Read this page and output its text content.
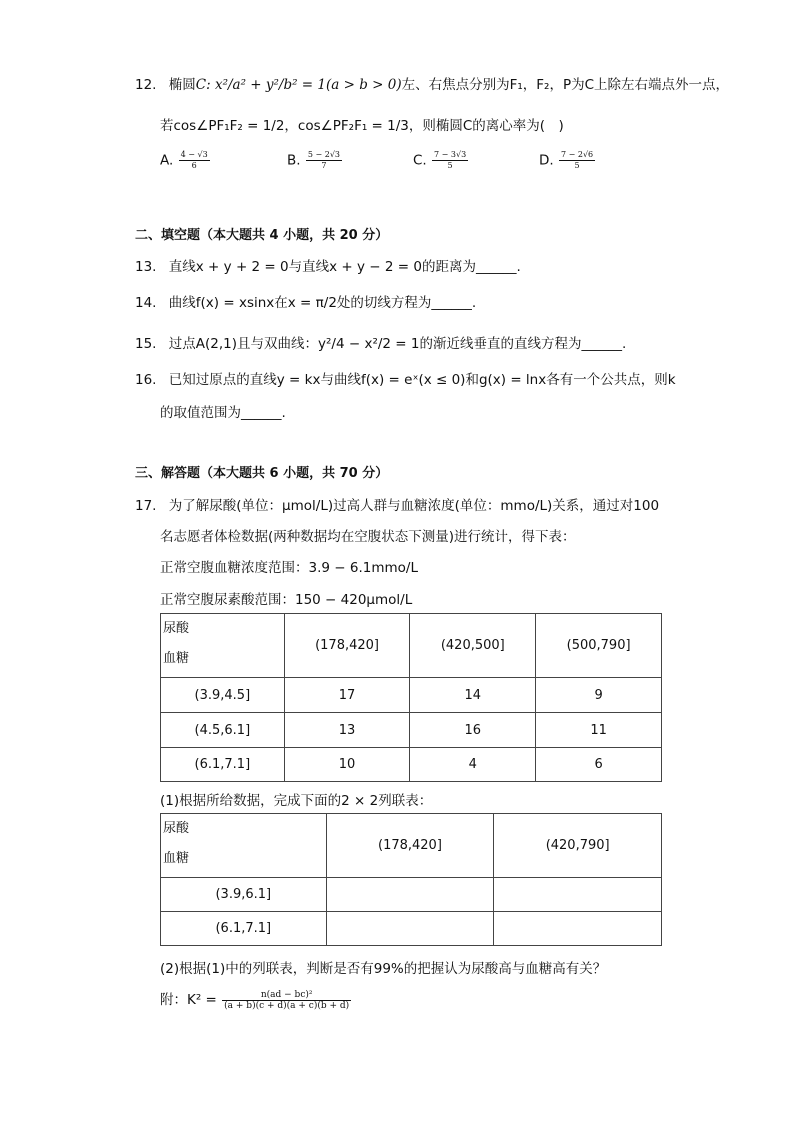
12. 椭圆C: x²/a² + y²/b² = 1(a > b > 0)左、右焦点分别为F₁，F₂，P为C上除左右端点外一点，
若cos∠PF₁F₂ = 1/2，cos∠PF₂F₁ = 1/3，则椭圆C的离心率为(　)
A. $\frac{4 - √3}{6}$	B. $\frac{5 - 2√3}{7}$	C. $\frac{7 - 3√3}{5}$	D. $\frac{7 - 2√6}{5}$
二、填空题（本大题共 4 小题，共 20 分）
13. 直线x + y + 2 = 0与直线x + y − 2 = 0的距离为______.
14. 曲线f(x) = xsinx在x = π/2处的切线方程为______.
15. 过点A(2,1)且与双曲线：y²/4 − x²/2 = 1的渐近线垂直的直线方程为______.
16. 已知过原点的直线y = kx与曲线f(x) = eˣ(x ≤ 0)和g(x) = lnx各有一个公共点，则k
的取值范围为______.
三、解答题（本大题共 6 小题，共 70 分）
17. 为了解尿酸(单位：μmol/L)过高人群与血糖浓度(单位：mmo/L)关系，通过对100
名志愿者体检数据(两种数据均在空腹状态下测量)进行统计，得下表：
正常空腹血糖浓度范围：3.9 − 6.1mmo/L
正常空腹尿素酸范围：150 − 420μmol/L
尿酸
血糖	(178,420]	(420,500]	(500,790]
(3.9,4.5]	17	14	9
(4.5,6.1]	13	16	11
(6.1,7.1]	10	4	6
(1)根据所给数据，完成下面的2 × 2列联表：
尿酸
血糖	(178,420]	(420,790]
(3.9,6.1]		
(6.1,7.1]		
(2)根据(1)中的列联表，判断是否有99%的把握认为尿酸高与血糖高有关？
附：$K^2 = \frac{\text{n(ad − bc)²}}{(a + b)(c + d)(a + c)(b + d)}$
